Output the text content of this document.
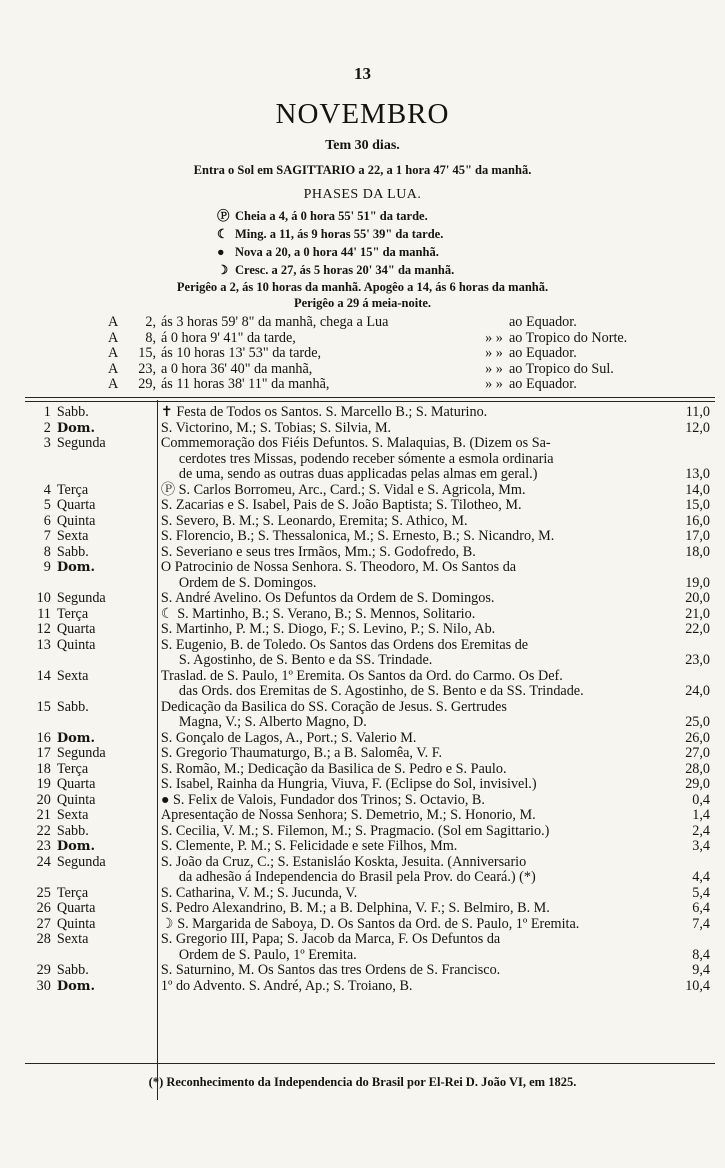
13
NOVEMBRO
Tem 30 dias.
Entra o Sol em SAGITTARIO a 22, a 1 hora 47' 45" da manhã.
PHASES DA LUA.
Ⓟ Cheia a 4, á 0 hora 55' 51" da tarde.
☾ Ming. a 11, ás 9 horas 55' 39" da tarde.
● Nova a 20, a 0 hora 44' 15" da manhã.
☽ Cresc. a 27, ás 5 horas 20' 34" da manhã.
Perigêo a 2, ás 10 horas da manhã. Apogêo a 14, ás 6 horas da manhã.
Perigêo a 29 á meia-noite.
A 2, ás 3 horas 59' 8" da manhã, chega a Lua	ao Equador.
A 8, á 0 hora 9' 41" da tarde,	» » ao Tropico do Norte.
A 15, ás 10 horas 13' 53" da tarde,	» » ao Equador.
A 23, a 0 hora 36' 40" da manhã,	» » ao Tropico do Sul.
A 29, ás 11 horas 38' 11" da manhã,	» » ao Equador.
1 Sabb.	✝ Festa de Todos os Santos. S. Marcello B.; S. Maturino.	11,0
2 Dom.	S. Victorino, M.; S. Tobias; S. Silvia, M.	12,0
3 Segunda	Commemoração dos Fiéis Defuntos. S. Malaquias, B. (Dizem os Sa-
cerdotes tres Missas, podendo receber sómente a esmola ordinaria
de uma, sendo as outras duas applicadas pelas almas em geral.)	13,0
4 Terça	Ⓟ S. Carlos Borromeu, Arc., Card.; S. Vidal e S. Agricola, Mm.	14,0
5 Quarta	S. Zacarias e S. Isabel, Pais de S. João Baptista; S. Tilotheo, M.	15,0
6 Quinta	S. Severo, B. M.; S. Leonardo, Eremita; S. Athico, M.	16,0
7 Sexta	S. Florencio, B.; S. Thessalonica, M.; S. Ernesto, B.; S. Nicandro, M.	17,0
8 Sabb.	S. Severiano e seus tres Irmãos, Mm.; S. Godofredo, B.	18,0
9 Dom.	O Patrocinio de Nossa Senhora. S. Theodoro, M. Os Santos da
Ordem de S. Domingos.	19,0
10 Segunda	S. André Avelino. Os Defuntos da Ordem de S. Domingos.	20,0
11 Terça	☾ S. Martinho, B.; S. Verano, B.; S. Mennos, Solitario.	21,0
12 Quarta	S. Martinho, P. M.; S. Diogo, F.; S. Levino, P.; S. Nilo, Ab.	22,0
13 Quinta	S. Eugenio, B. de Toledo. Os Santos das Ordens dos Eremitas de
S. Agostinho, de S. Bento e da SS. Trindade.	23,0
14 Sexta	Traslad. de S. Paulo, 1º Eremita. Os Santos da Ord. do Carmo. Os Def.
das Ords. dos Eremitas de S. Agostinho, de S. Bento e da SS. Trindade.	24,0
15 Sabb.	Dedicação da Basilica do SS. Coração de Jesus. S. Gertrudes
Magna, V.; S. Alberto Magno, D.	25,0
16 Dom.	S. Gonçalo de Lagos, A., Port.; S. Valerio M.	26,0
17 Segunda	S. Gregorio Thaumaturgo, B.; a B. Salomêa, V. F.	27,0
18 Terça	S. Romão, M.; Dedicação da Basilica de S. Pedro e S. Paulo.	28,0
19 Quarta	S. Isabel, Rainha da Hungria, Viuva, F. (Eclipse do Sol, invisivel.)	29,0
20 Quinta	● S. Felix de Valois, Fundador dos Trinos; S. Octavio, B.	0,4
21 Sexta	Apresentação de Nossa Senhora; S. Demetrio, M.; S. Honorio, M.	1,4
22 Sabb.	S. Cecilia, V. M.; S. Filemon, M.; S. Pragmacio. (Sol em Sagittario.)	2,4
23 Dom.	S. Clemente, P. M.; S. Felicidade e sete Filhos, Mm.	3,4
24 Segunda	S. João da Cruz, C.; S. Estanisláo Koskta, Jesuita. (Anniversario
da adhesão á Independencia do Brasil pela Prov. do Ceará.) (*)	4,4
25 Terça	S. Catharina, V. M.; S. Jucunda, V.	5,4
26 Quarta	S. Pedro Alexandrino, B. M.; a B. Delphina, V. F.; S. Belmiro, B. M.	6,4
27 Quinta	☽ S. Margarida de Saboya, D. Os Santos da Ord. de S. Paulo, 1º Eremita.	7,4
28 Sexta	S. Gregorio III, Papa; S. Jacob da Marca, F. Os Defuntos da
Ordem de S. Paulo, 1º Eremita.	8,4
29 Sabb.	S. Saturnino, M. Os Santos das tres Ordens de S. Francisco.	9,4
30 Dom.	1º do Advento. S. André, Ap.; S. Troiano, B.	10,4
(*) Reconhecimento da Independencia do Brasil por El-Rei D. João VI, em 1825.
